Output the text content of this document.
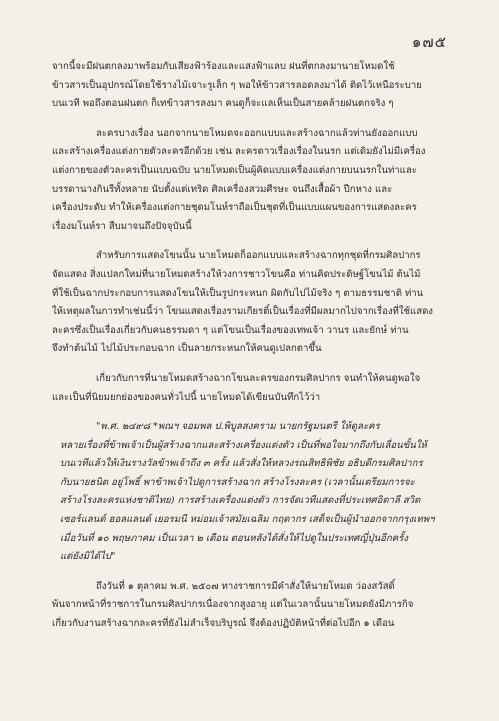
๑๗๕

จากนี้จะมีฝนตกลงมาพร้อมกับเสียงฟ้าร้องและแสงฟ้าแลบ ฝนที่ตกลงมานายโหมดใช้
ข้าวสารเป็นอุปกรณ์โดยใช้รางไม้เจาะรูเล็ก ๆ พอให้ข้าวสารลอดลงมาได้ ติดไว้เหนือระบาย
บนเวที พอถึงตอนฝนตก ก็เทข้าวสารลงมา คนดูก็จะแลเห็นเป็นสายคล้ายฝนตกจริง ๆ

ละครบางเรื่อง นอกจากนายโหมดจะออกแบบและสร้างฉากแล้วท่านยังออกแบบ
และสร้างเครื่องแต่งกายตัวละครอีกด้วย เช่น ละครดาวเรื่องเรื่องในนรก แต่เดิมยังไม่มีเครื่อง
แต่งกายของตัวละครเป็นแบบฉบับ นายโหมดเป็นผู้คิดแบบเครื่องแต่งกายบนนรกในท่าและ
บรรดานางกินรีทั้งหลาย นับตั้งแต่เทริด ศิลเครื่องสวมศีรษะ จนถึงเสื้อผ้า ปีกหาง และ
เครื่องประดับ ทำให้เครื่องแต่งกายชุดมโนห์ราถือเป็นชุดที่เป็นแบบแผนของการแสดงละคร
เรื่องมโนห์รา สืบมาจนถึงปัจจุบันนี้

สำหรับการแสดงโขนนั้น นายโหมดก็ออกแบบและสร้างฉากทุกชุดที่กรมศิลปากร
จัดแสดง สิ่งแปลกใหม่ที่นายโหมดสร้างให้วงการชาวโขนคือ ท่านคิดประดิษฐ์โขนไม้ ต้นไม้
ที่ใช้เป็นฉากประกอบการแสดงโขนให้เป็นรูปกระหนก ผิดกับไปไม้จริง ๆ ตามธรรมชาติ ท่าน
ให้เหตุผลในการทำเช่นนี้ว่า โขนแสดงเรื่องรามเกียรติ์เป็นเรื่องที่มีผลมากไปจากเรื่องที่ใช้แสดง
ละครซึ่งเป็นเรื่องเกี่ยวกับคนธรรมดา ๆ แต่โขนเป็นเรื่องของเทพเจ้า วานร และยักษ์ ท่าน
จึงทำต้นไม้ ไปไม้ประกอบฉาก เป็นลายกระหนกให้คนดูเปลกตาขึ้น

เกี่ยวกับการที่นายโหมดสร้างฉากโขนละครของกรมศิลปากร จนทำให้คนดูพอใจ
และเป็นที่นิยมยกย่องของคนทั่วไปนี้ นายโหมดได้เขียนบันทึกไว้ว่า

"พ.ศ. ๒๔๙๘ *พณฯ จอมพล ป.พิบูลสงคราม นายกรัฐมนตรี ให้ดูละคร
หลายเรื่องที่ข้าพเจ้าเป็นผู้สร้างฉากและสร้างเครื่องแต่งตัว เป็นที่พอใจมากถึงกับเลื่อนขั้นให้
บนเวทีแล้วให้เงินรางวัลข้าพเจ้าถึง ๓ ครั้ง แล้วสั่งให้หลวงรณสิทธิพิชัย อธิบดีกรมศิลปากร
กับนายธนิต อยู่โพธิ์ พาข้าพเจ้าไปดูการสร้างฉาก สร้างโรงละคร (เวลานั้นเตรียมการจะ
สร้างโรงละครแห่งชาติไทย) การสร้างเครื่องแต่งตัว การจัดเวทีแสดงที่ประเทศอิตาลี สวิต
เซอร์แลนด์ ฮอลแลนด์ เยอรมนี หม่อมเจ้าสมัยเฉลิม กฤดากร เสด็จเป็นผู้นำออกจากกรุงเทพฯ
เมื่อวันที่ ๑๐ พฤษภาคม เป็นเวลา ๒ เดือน ตอนหลังได้สั่งให้ไปดูในประเทศญี่ปุ่นอีกครั้ง
แต่ยังมิได้ไป"

ถึงวันที่ ๑ ตุลาคม พ.ศ. ๒๕๐๗ ทางราชการมีคำสั่งให้นายโหมด ว่องสวัสดิ์
พ้นจากหน้าที่ราชการในกรมศิลปากรเนื่องจากสูงอายุ แต่ในเวลานั้นนายโหมดยังมีภารกิจ
เกี่ยวกับงานสร้างฉากละครที่ยังไม่สำเร็จบริบูรณ์ จึงต้องปฏิบัติหน้าที่ต่อไปอีก ๑ เดือน
